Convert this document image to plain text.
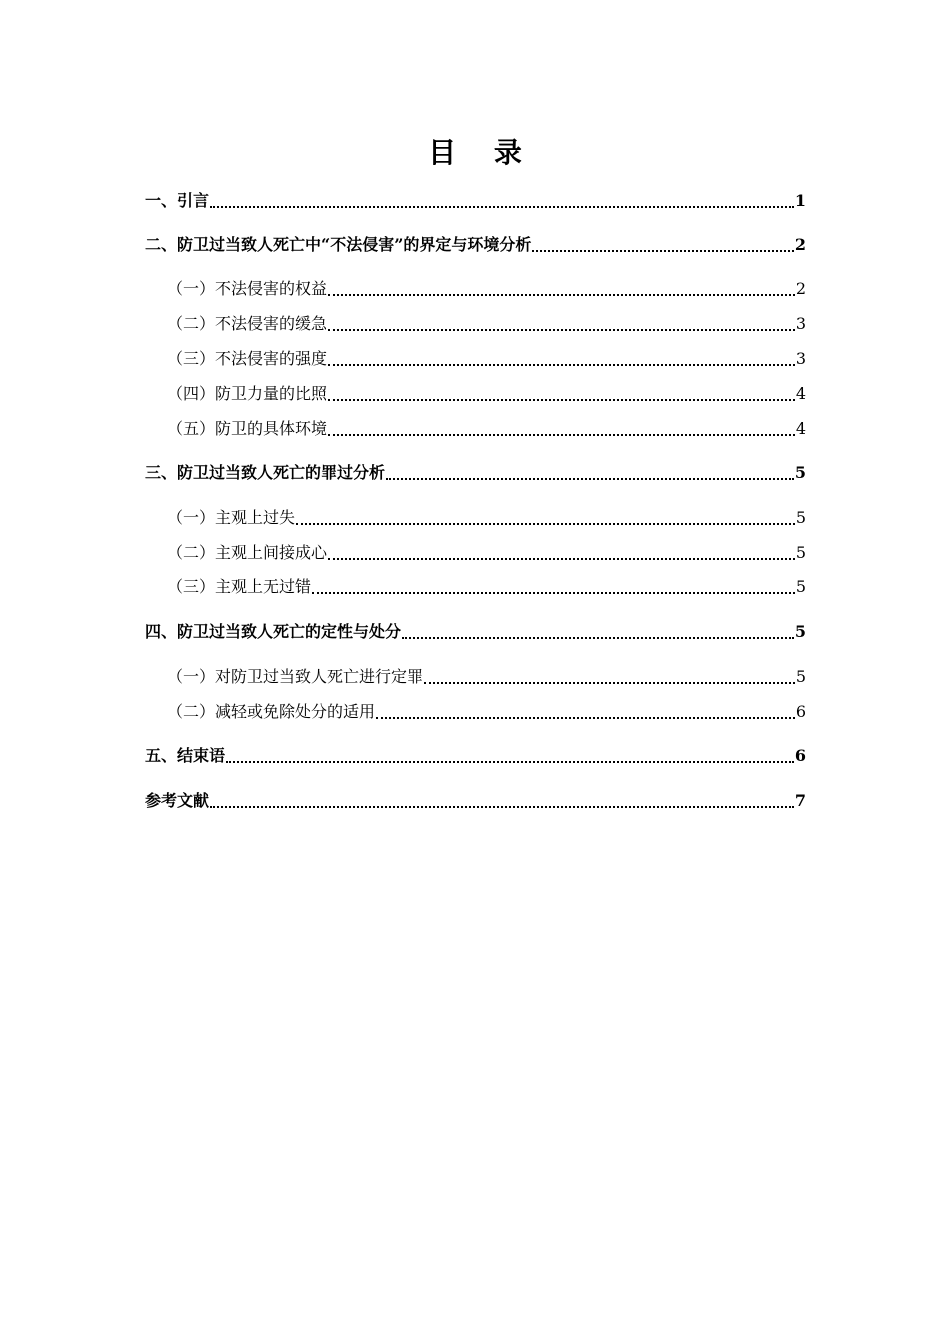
目 录
一、引言	1
二、防卫过当致人死亡中“不法侵害”的界定与环境分析	2
（一）不法侵害的权益	2
（二）不法侵害的缓急	3
（三）不法侵害的强度	3
（四）防卫力量的比照	4
（五）防卫的具体环境	4
三、防卫过当致人死亡的罪过分析	5
（一）主观上过失	5
（二）主观上间接成心	5
（三）主观上无过错	5
四、防卫过当致人死亡的定性与处分	5
（一）对防卫过当致人死亡进行定罪	5
（二）减轻或免除处分的适用	6
五、结束语	6
参考文献	7
